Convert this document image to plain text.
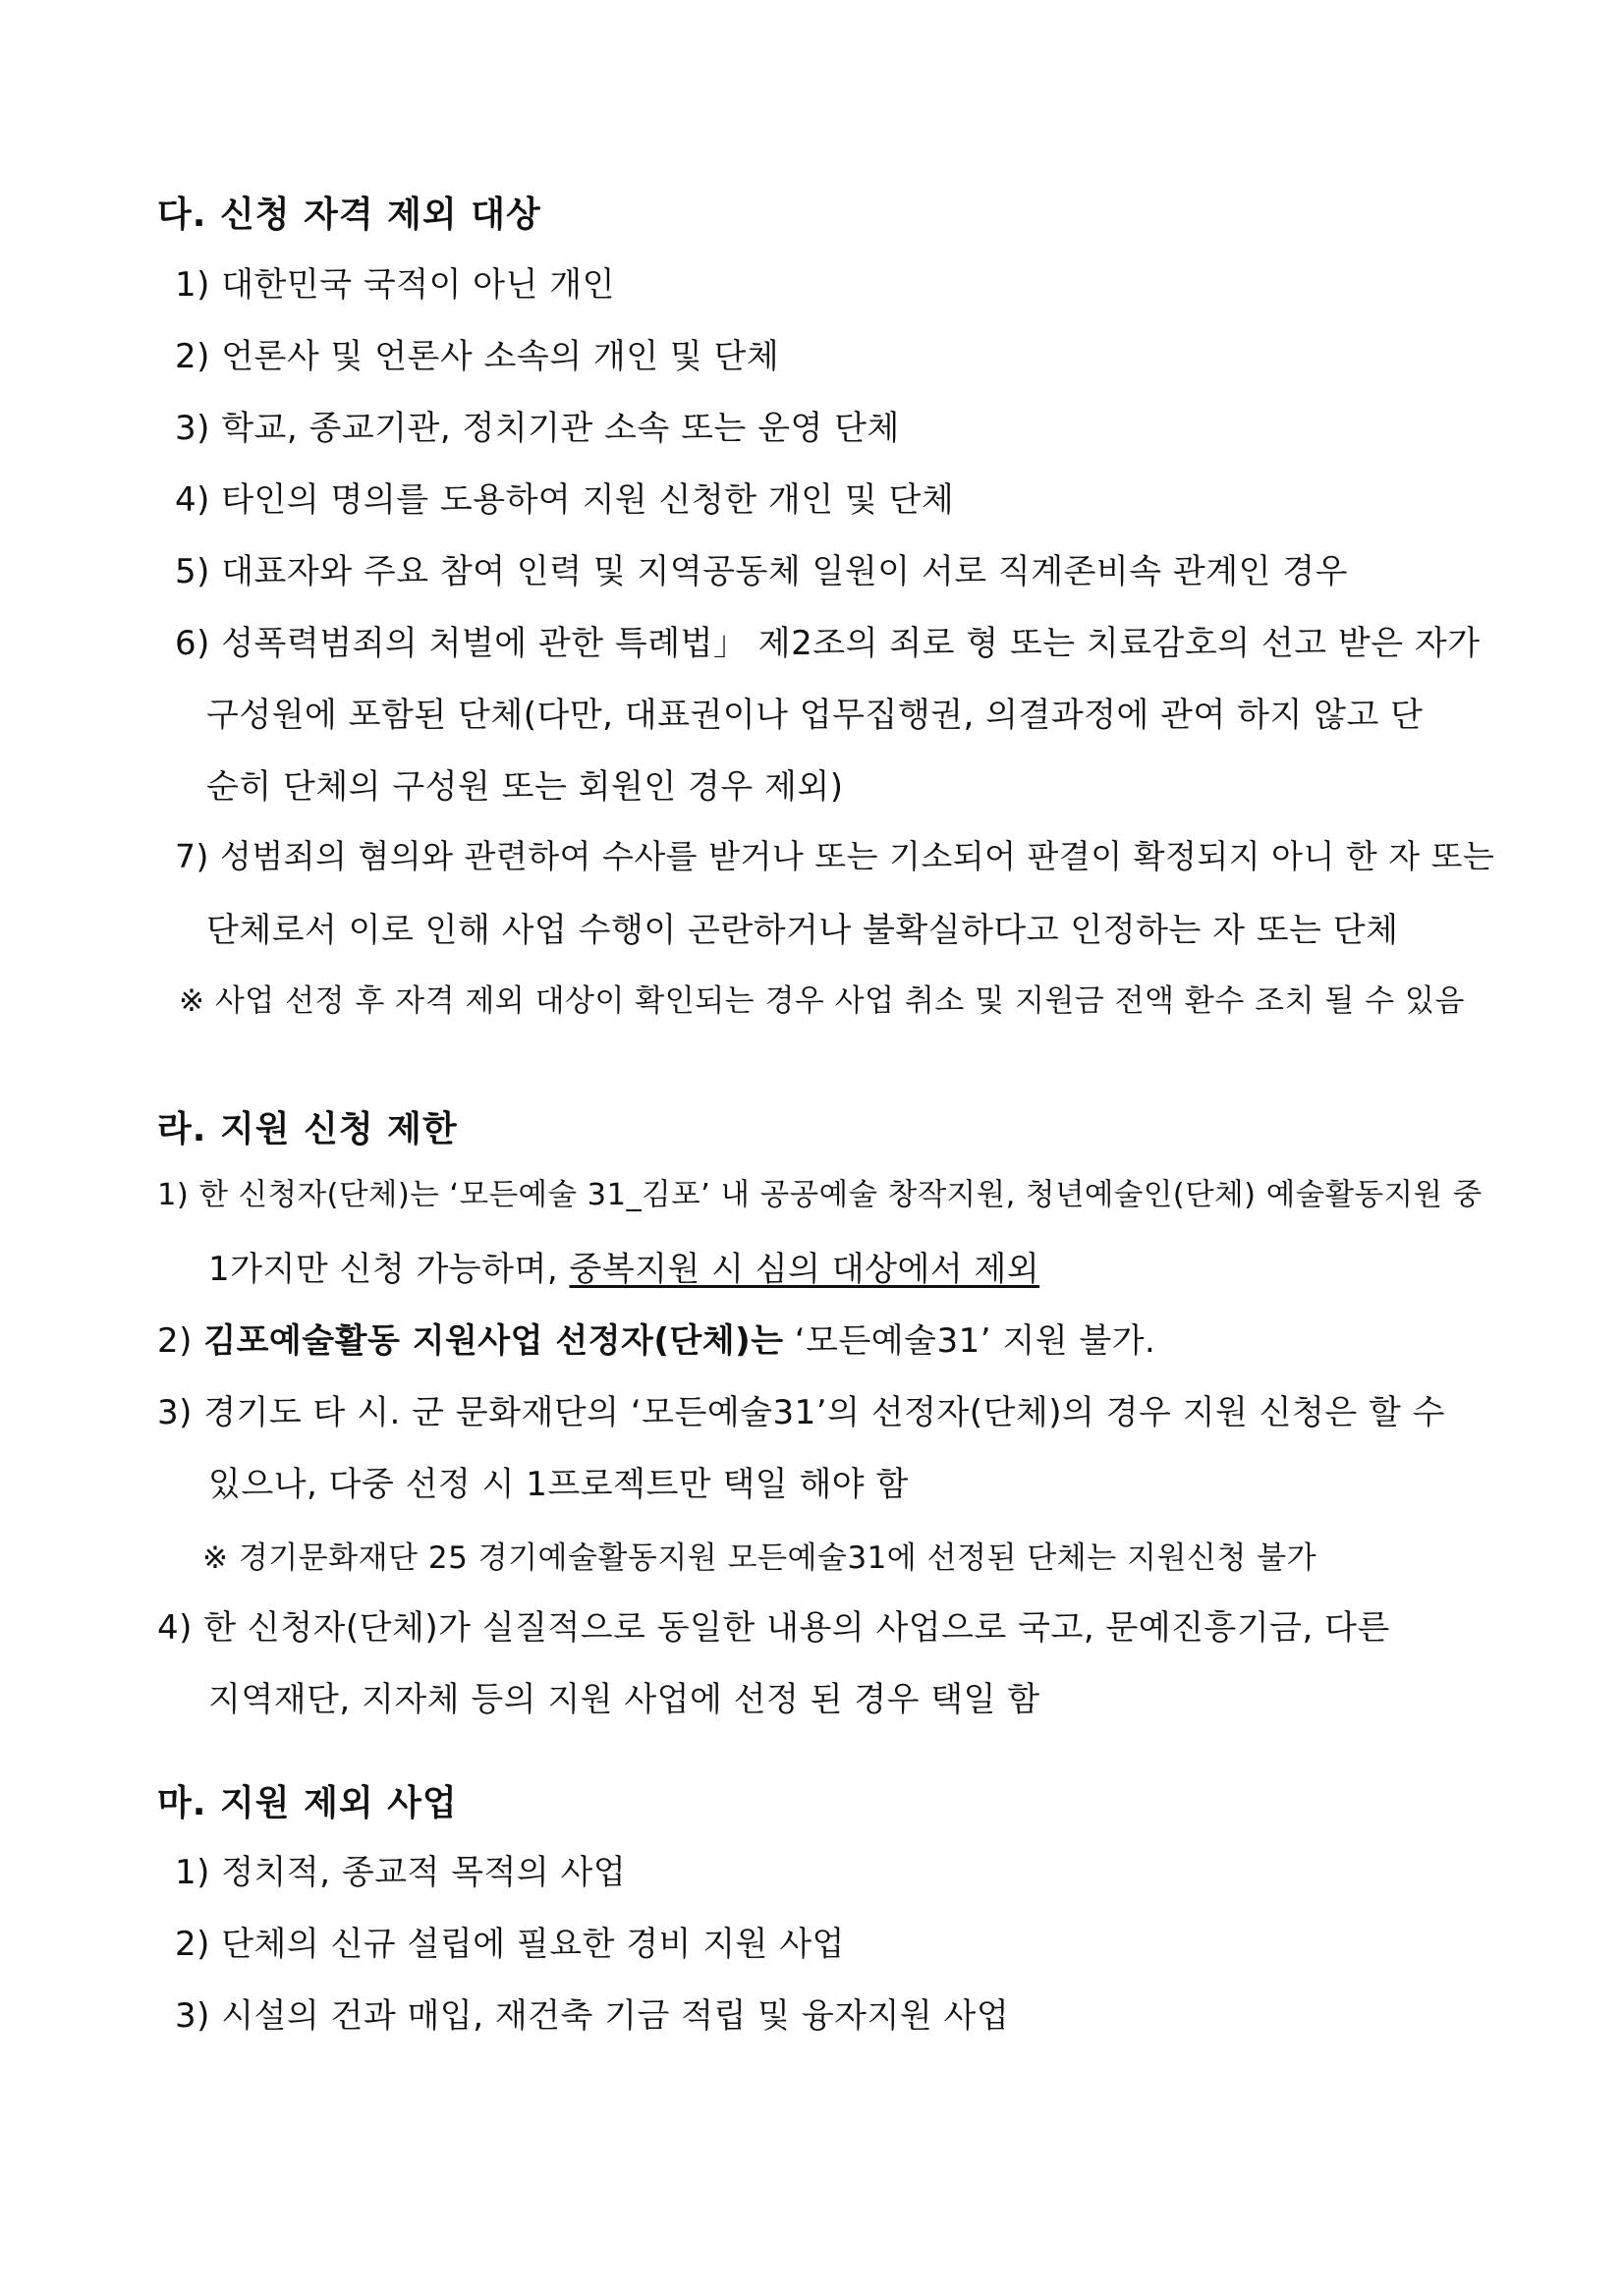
다. 신청 자격 제외 대상
1) 대한민국 국적이 아닌 개인
2) 언론사 및 언론사 소속의 개인 및 단체
3) 학교, 종교기관, 정치기관 소속 또는 운영 단체
4) 타인의 명의를 도용하여 지원 신청한 개인 및 단체
5) 대표자와 주요 참여 인력 및 지역공동체 일원이 서로 직계존비속 관계인 경우
6) 성폭력범죄의 처벌에 관한 특례법」 제2조의 죄로 형 또는 치료감호의 선고 받은 자가
구성원에 포함된 단체(다만, 대표권이나 업무집행권, 의결과정에 관여 하지 않고 단
순히 단체의 구성원 또는 회원인 경우 제외)
7) 성범죄의 혐의와 관련하여 수사를 받거나 또는 기소되어 판결이 확정되지 아니 한 자 또는
단체로서 이로 인해 사업 수행이 곤란하거나 불확실하다고 인정하는 자 또는 단체
※ 사업 선정 후 자격 제외 대상이 확인되는 경우 사업 취소 및 지원금 전액 환수 조치 될 수 있음
라. 지원 신청 제한
1) 한 신청자(단체)는 ‘모든예술 31_김포’ 내 공공예술 창작지원, 청년예술인(단체) 예술활동지원 중
1가지만 신청 가능하며, 중복지원 시 심의 대상에서 제외
2) 김포예술활동 지원사업 선정자(단체)는 ‘모든예술31’ 지원 불가.
3) 경기도 타 시. 군 문화재단의 ‘모든예술31’의 선정자(단체)의 경우 지원 신청은 할 수
있으나, 다중 선정 시 1프로젝트만 택일 해야 함
※ 경기문화재단 25 경기예술활동지원 모든예술31에 선정된 단체는 지원신청 불가
4) 한 신청자(단체)가 실질적으로 동일한 내용의 사업으로 국고, 문예진흥기금, 다른
지역재단, 지자체 등의 지원 사업에 선정 된 경우 택일 함
마. 지원 제외 사업
1) 정치적, 종교적 목적의 사업
2) 단체의 신규 설립에 필요한 경비 지원 사업
3) 시설의 건과 매입, 재건축 기금 적립 및 융자지원 사업
